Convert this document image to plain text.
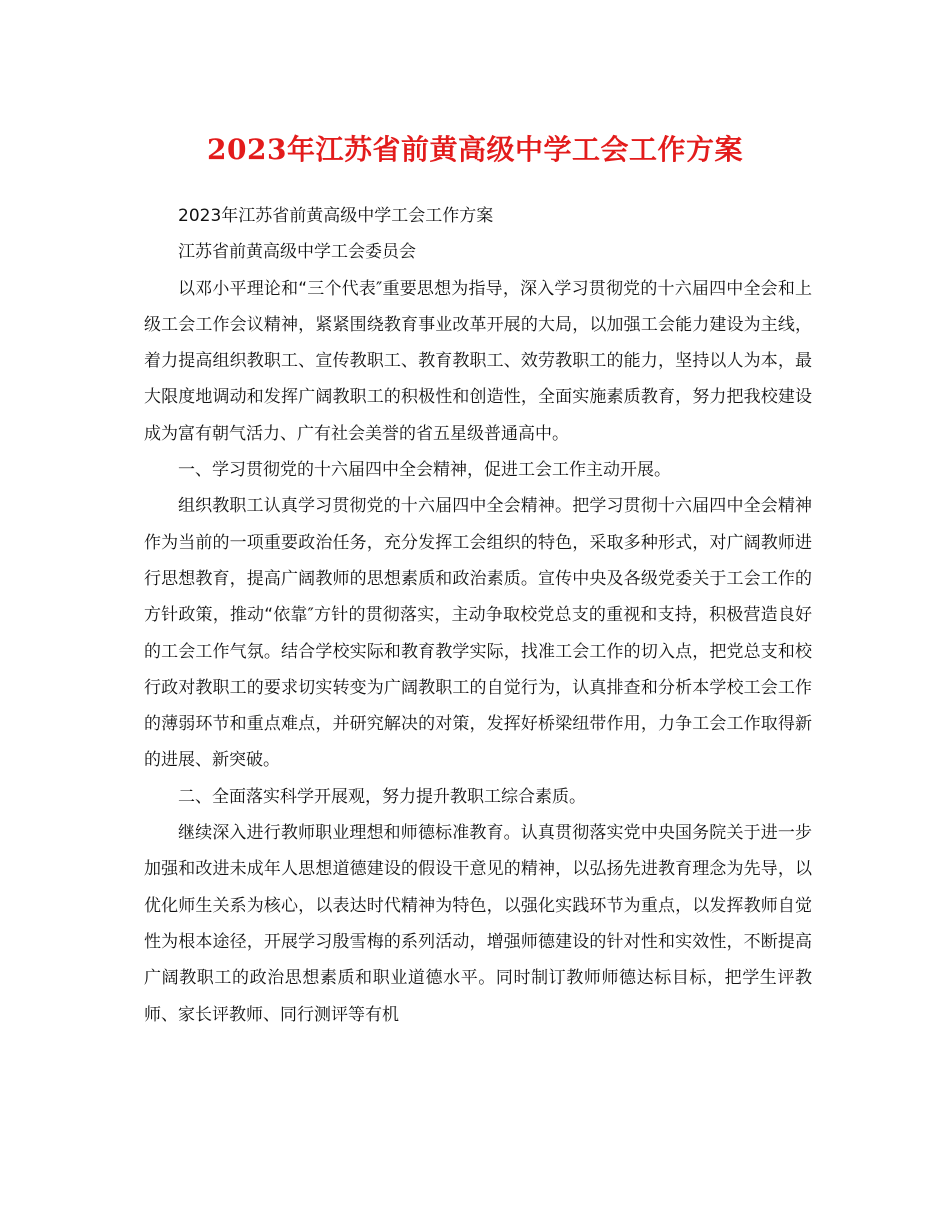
2023年江苏省前黄高级中学工会工作方案

2023年江苏省前黄高级中学工会工作方案

江苏省前黄高级中学工会委员会

以邓小平理论和“三个代表″重要思想为指导，深入学习贯彻党的十六届四中全会和上级工会工作会议精神，紧紧围绕教育事业改革开展的大局，以加强工会能力建设为主线，着力提高组织教职工、宣传教职工、教育教职工、效劳教职工的能力，坚持以人为本，最大限度地调动和发挥广阔教职工的积极性和创造性，全面实施素质教育，努力把我校建设成为富有朝气活力、广有社会美誉的省五星级普通高中。

一、学习贯彻党的十六届四中全会精神，促进工会工作主动开展。

组织教职工认真学习贯彻党的十六届四中全会精神。把学习贯彻十六届四中全会精神作为当前的一项重要政治任务，充分发挥工会组织的特色，采取多种形式，对广阔教师进行思想教育，提高广阔教师的思想素质和政治素质。宣传中央及各级党委关于工会工作的方针政策，推动“依靠″方针的贯彻落实，主动争取校党总支的重视和支持，积极营造良好的工会工作气氛。结合学校实际和教育教学实际，找准工会工作的切入点，把党总支和校行政对教职工的要求切实转变为广阔教职工的自觉行为，认真排查和分析本学校工会工作的薄弱环节和重点难点，并研究解决的对策，发挥好桥梁纽带作用，力争工会工作取得新的进展、新突破。

二、全面落实科学开展观，努力提升教职工综合素质。

继续深入进行教师职业理想和师德标准教育。认真贯彻落实党中央国务院关于进一步加强和改进未成年人思想道德建设的假设干意见的精神，以弘扬先进教育理念为先导，以优化师生关系为核心，以表达时代精神为特色，以强化实践环节为重点，以发挥教师自觉性为根本途径，开展学习殷雪梅的系列活动，增强师德建设的针对性和实效性，不断提高广阔教职工的政治思想素质和职业道德水平。同时制订教师师德达标目标，把学生评教师、家长评教师、同行测评等有机
